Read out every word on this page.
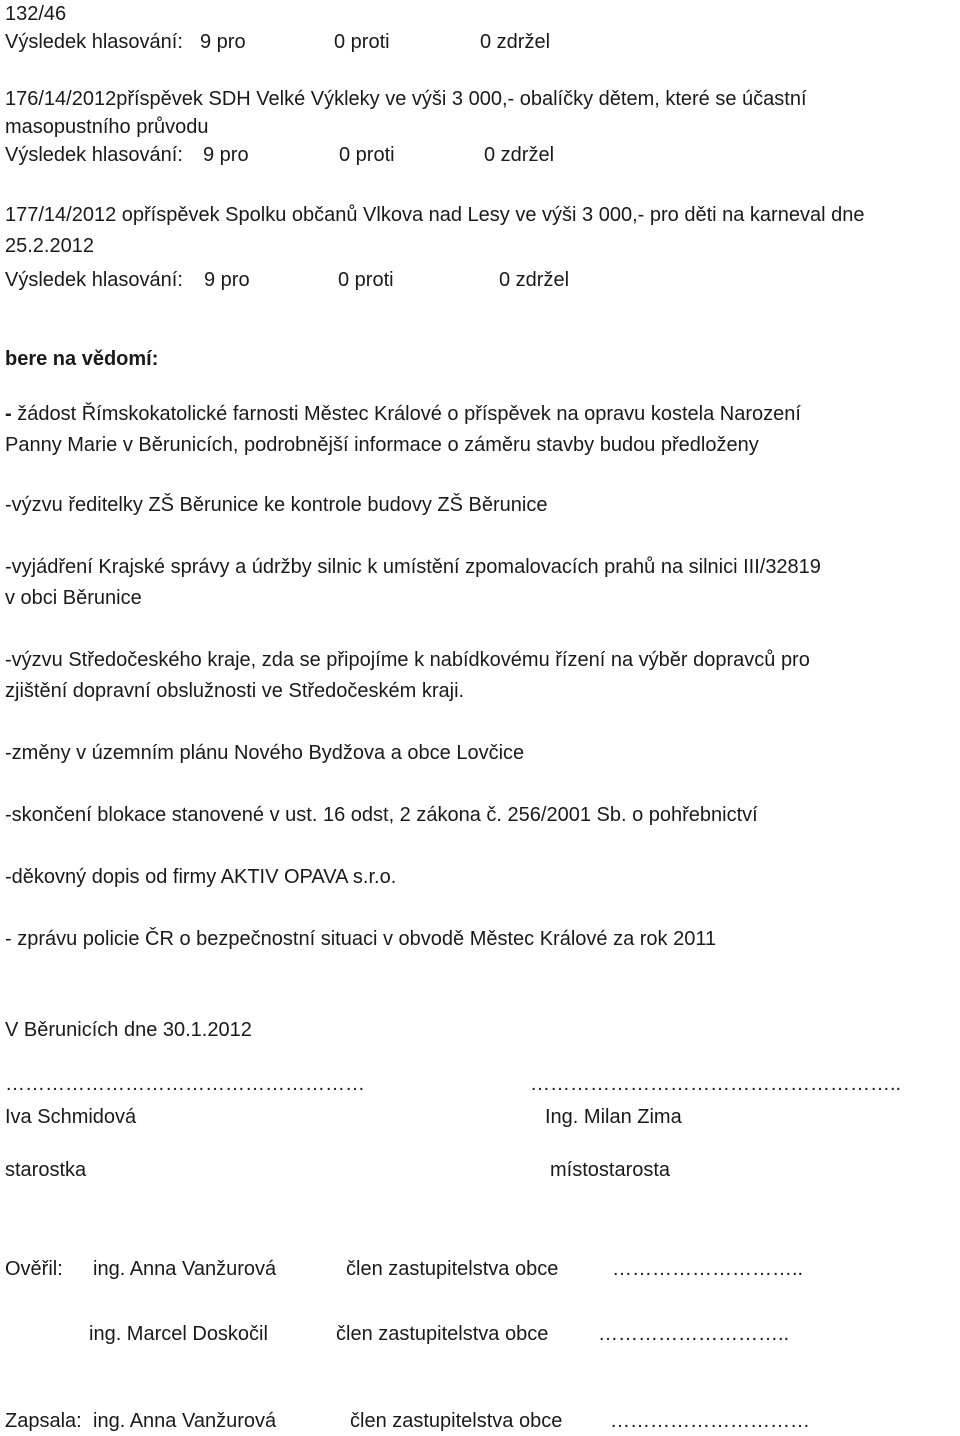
132/46
Výsledek hlasování: 9 pro	0 proti	0 zdržel
176/14/2012příspěvek SDH Velké Výkleky ve výši 3 000,- obalíčky dětem, které se účastní
masopustního průvodu
Výsledek hlasování: 9 pro	0 proti	0 zdržel
177/14/2012 opříspěvek Spolku občanů Vlkova nad Lesy ve výši 3 000,- pro děti na karneval dne
25.2.2012
Výsledek hlasování: 9 pro	0 proti	0 zdržel
bere na vědomí:
- žádost Římskokatolické farnosti Městec Králové o příspěvek na opravu kostela Narození
Panny Marie v Běrunicích, podrobnější informace o záměru stavby budou předloženy
-výzvu ředitelky ZŠ Běrunice ke kontrole budovy ZŠ Běrunice
-vyjádření Krajské správy a údržby silnic k umístění zpomalovacích prahů na silnici III/32819
v obci Běrunice
-výzvu Středočeského kraje, zda se připojíme k nabídkovému řízení na výběr dopravců pro
zjištění dopravní obslužnosti ve Středočeském kraji.
-změny v územním plánu Nového Bydžova a obce Lovčice
-skončení blokace stanovené v ust. 16 odst, 2 zákona č. 256/2001 Sb. o pohřebnictví
-děkovný dopis od firmy AKTIV OPAVA s.r.o.
- zprávu policie ČR o bezpečnostní situaci v obvodě Městec Králové za rok 2011
V Běrunicích dne 30.1.2012
………………………………………………	………………………………………………..
Iva Schmidová	Ing. Milan Zima
starostka	místostarosta
Ověřil: ing. Anna Vanžurová	člen zastupitelstva obce	………………………..
ing. Marcel Doskočil	člen zastupitelstva obce ………………………..
Zapsala: ing. Anna Vanžurová	člen zastupitelstva obce …………………………
